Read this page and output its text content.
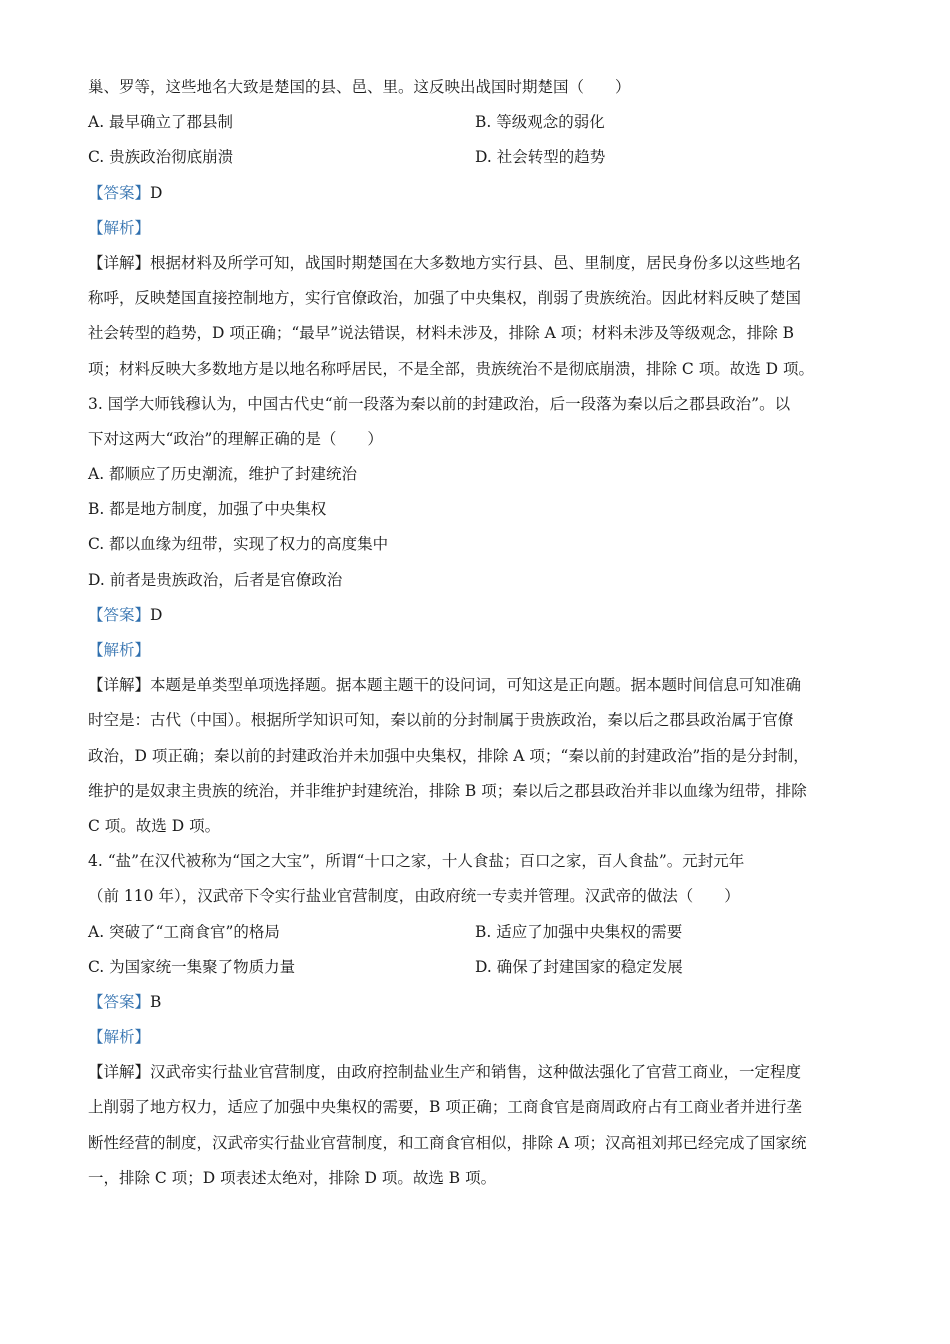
巢、罗等，这些地名大致是楚国的县、邑、里。这反映出战国时期楚国（　　）
A. 最早确立了郡县制	B. 等级观念的弱化
C. 贵族政治彻底崩溃	D. 社会转型的趋势
【答案】D
【解析】
【详解】根据材料及所学可知，战国时期楚国在大多数地方实行县、邑、里制度，居民身份多以这些地名
称呼，反映楚国直接控制地方，实行官僚政治，加强了中央集权，削弱了贵族统治。因此材料反映了楚国
社会转型的趋势，D 项正确；“最早”说法错误，材料未涉及，排除 A 项；材料未涉及等级观念，排除 B
项；材料反映大多数地方是以地名称呼居民，不是全部，贵族统治不是彻底崩溃，排除 C 项。故选 D 项。
3. 国学大师钱穆认为，中国古代史“前一段落为秦以前的封建政治，后一段落为秦以后之郡县政治”。以
下对这两大“政治”的理解正确的是（　　）
A. 都顺应了历史潮流，维护了封建统治
B. 都是地方制度，加强了中央集权
C. 都以血缘为纽带，实现了权力的高度集中
D. 前者是贵族政治，后者是官僚政治
【答案】D
【解析】
【详解】本题是单类型单项选择题。据本题主题干的设问词，可知这是正向题。据本题时间信息可知准确
时空是：古代（中国）。根据所学知识可知，秦以前的分封制属于贵族政治，秦以后之郡县政治属于官僚
政治，D 项正确；秦以前的封建政治并未加强中央集权，排除 A 项；“秦以前的封建政治”指的是分封制，
维护的是奴隶主贵族的统治，并非维护封建统治，排除 B 项；秦以后之郡县政治并非以血缘为纽带，排除
C 项。故选 D 项。
4. “盐”在汉代被称为“国之大宝”，所谓“十口之家，十人食盐；百口之家，百人食盐”。元封元年
（前 110 年），汉武帝下令实行盐业官营制度，由政府统一专卖并管理。汉武帝的做法（　　）
A. 突破了“工商食官”的格局	B. 适应了加强中央集权的需要
C. 为国家统一集聚了物质力量	D. 确保了封建国家的稳定发展
【答案】B
【解析】
【详解】汉武帝实行盐业官营制度，由政府控制盐业生产和销售，这种做法强化了官营工商业，一定程度
上削弱了地方权力，适应了加强中央集权的需要，B 项正确；工商食官是商周政府占有工商业者并进行垄
断性经营的制度，汉武帝实行盐业官营制度，和工商食官相似，排除 A 项；汉高祖刘邦已经完成了国家统
一，排除 C 项；D 项表述太绝对，排除 D 项。故选 B 项。
